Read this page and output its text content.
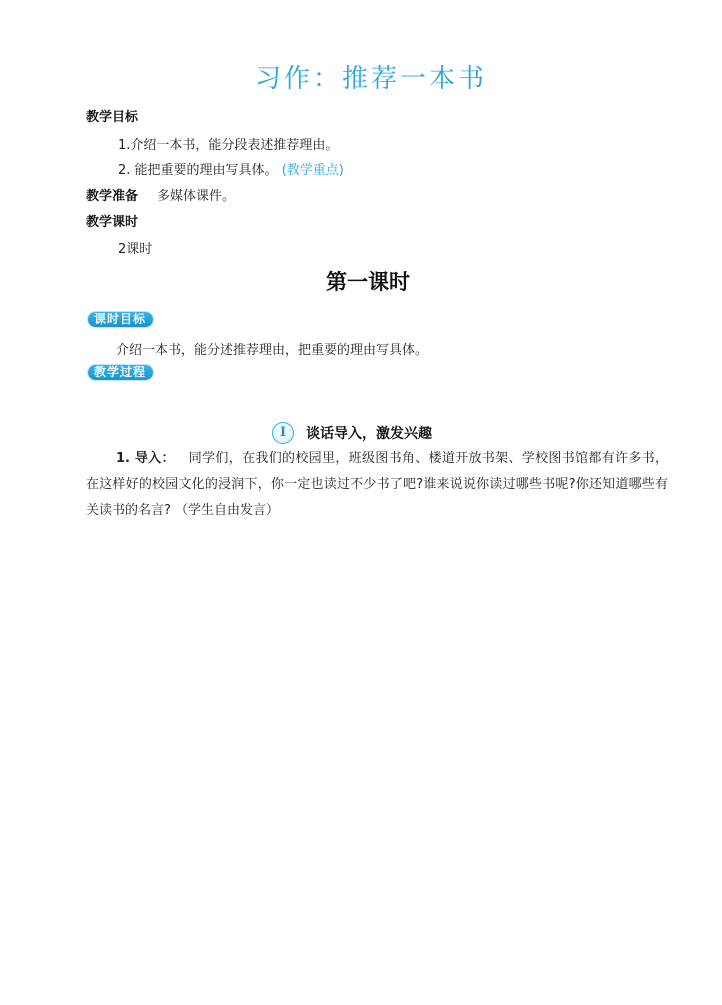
习作：推荐一本书
教学目标
1.介绍一本书，能分段表述推荐理由。
2. 能把重要的理由写具体。 (教学重点)
教学准备 多媒体课件。
教学课时
2课时
第一课时
课时目标
介绍一本书，能分述推荐理由，把重要的理由写具体。
教学过程
I	谈话导入，激发兴趣
1. 导入： 同学们，在我们的校园里，班级图书角、楼道开放书架、学校图书馆都有许多书，在这样好的校园文化的浸润下，你一定也读过不少书了吧?谁来说说你读过哪些书呢?你还知道哪些有关读书的名言? （学生自由发言）
